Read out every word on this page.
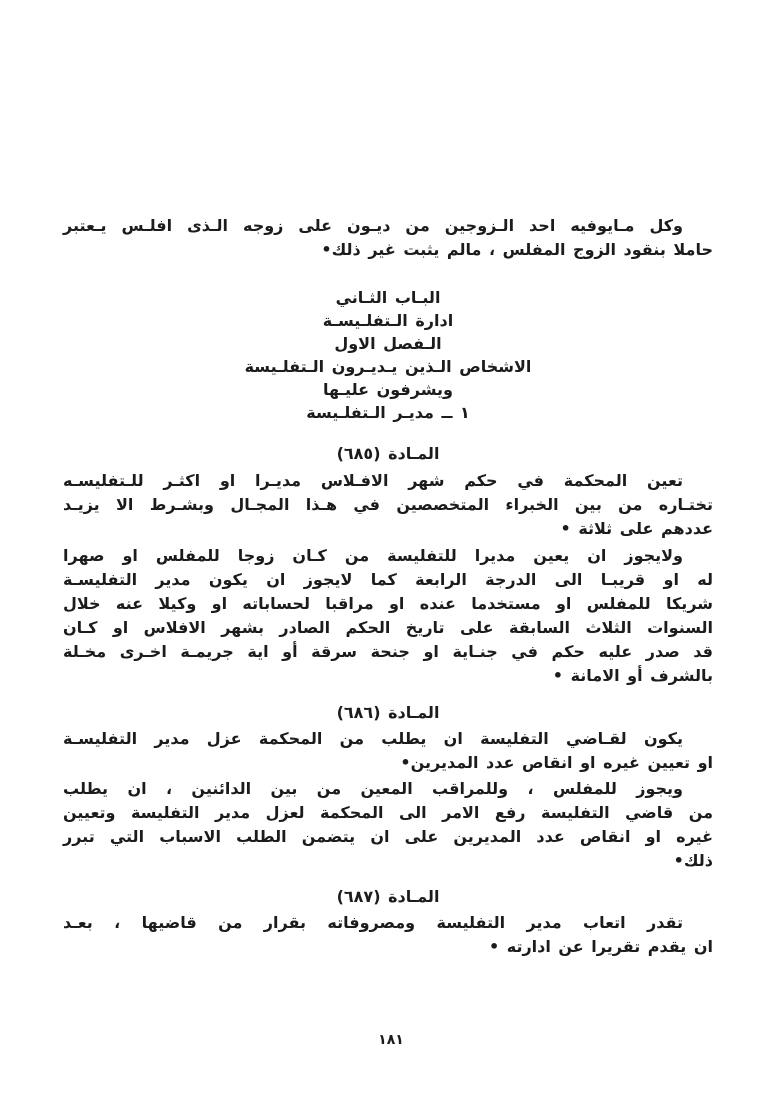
وكل مـايوفيه احد الـزوجين من ديـون على زوجه الـذى افلـس يـعتبر
حاملا بنقود الزوج المفلس ، مالم يثبت غير ذلك•
البـاب الثـاني
ادارة الـتفلـيسـة
الـفصل الاول
الاشخاص الـذين يـديـرون الـتفلـيسة
ويشرفون عليـها
١ ــ مديـر الـتفلـيسة
المـادة (٦٨٥)
تعين المحكمة في حكم شهر الافـلاس مديـرا او اكثـر للـتفليسـه
تختـاره من بين الخبراء المتخصصين في هـذا المجـال وبشـرط الا يزيـد
عددهم على ثلاثة •
ولايجوز ان يعين مديرا للتفليسة من كـان زوجا للمفلس او صهرا
له او قريبـا الى الدرجة الرابعة كما لايجوز ان يكون مدير التفليسـة
شريكا للمفلس او مستخدما عنده او مراقبا لحساباته او وكيلا عنه خلال
السنوات الثلاث السابقة على تاريخ الحكم الصادر بشهر الافلاس او كـان
قد صدر عليه حكم في جنـاية او جنحة سرقة أو اية جريمـة اخـرى مخـلة
بالشرف أو الامانة •
المـادة (٦٨٦)
يكون لقـاضي التفليسة ان يطلب من المحكمة عزل مدير التفليسـة
او تعيين غيره او انقاص عدد المديرين•
ويجوز للمفلس ، وللمراقب المعين من بين الدائنين ، ان يطلب
من قاضي التفليسة رفع الامر الى المحكمة لعزل مدير التفليسة وتعيين
غيره او انقاص عدد المديرين على ان يتضمن الطلب الاسباب التي تبرر
ذلك•
المـادة (٦٨٧)
تقدر اتعاب مدير التفليسة ومصروفاته بقرار من قاضيها ، بعـد
ان يقدم تقريرا عن ادارته •
١٨١
